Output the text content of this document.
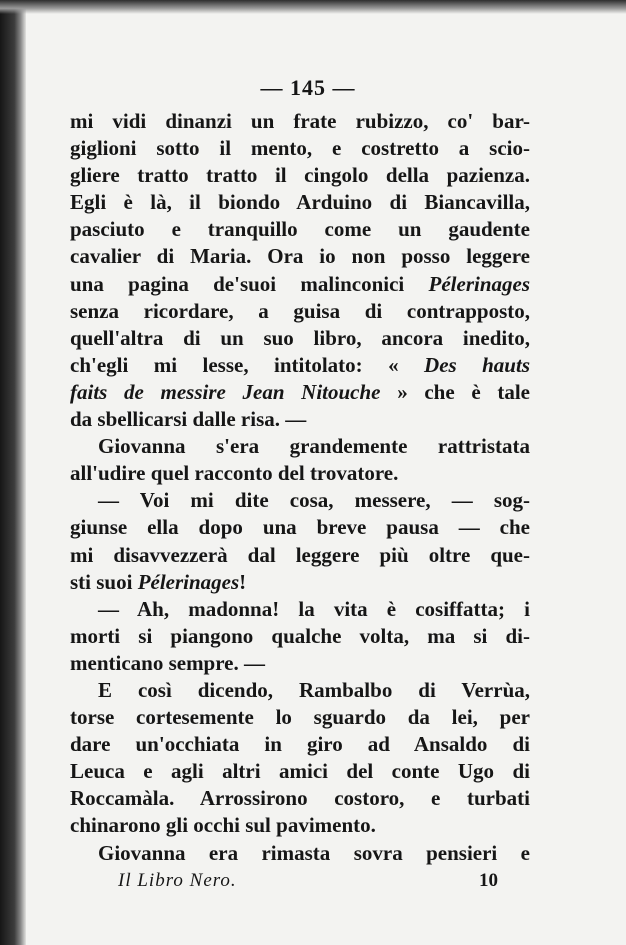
— 145 —
mi vidi dinanzi un frate rubizzo, co' bar-
giglioni sotto il mento, e costretto a scio-
gliere tratto tratto il cingolo della pazienza.
Egli è là, il biondo Arduino di Biancavilla,
pasciuto e tranquillo come un gaudente
cavalier di Maria. Ora io non posso leggere
una pagina de'suoi malinconici Pélerinages
senza ricordare, a guisa di contrapposto,
quell'altra di un suo libro, ancora inedito,
ch'egli mi lesse, intitolato: « Des hauts
faits de messire Jean Nitouche » che è tale
da sbellicarsi dalle risa. —
Giovanna s'era grandemente rattristata
all'udire quel racconto del trovatore.
— Voi mi dite cosa, messere, — sog-
giunse ella dopo una breve pausa — che
mi disavvezzerà dal leggere più oltre que-
sti suoi Pélerinages!
— Ah, madonna! la vita è cosiffatta; i
morti si piangono qualche volta, ma si di-
menticano sempre. —
E così dicendo, Rambalbo di Verrùa,
torse cortesemente lo sguardo da lei, per
dare un'occhiata in giro ad Ansaldo di
Leuca e agli altri amici del conte Ugo di
Roccamàla. Arrossirono costoro, e turbati
chinarono gli occhi sul pavimento.
Giovanna era rimasta sovra pensieri e
Il Libro Nero.	10
